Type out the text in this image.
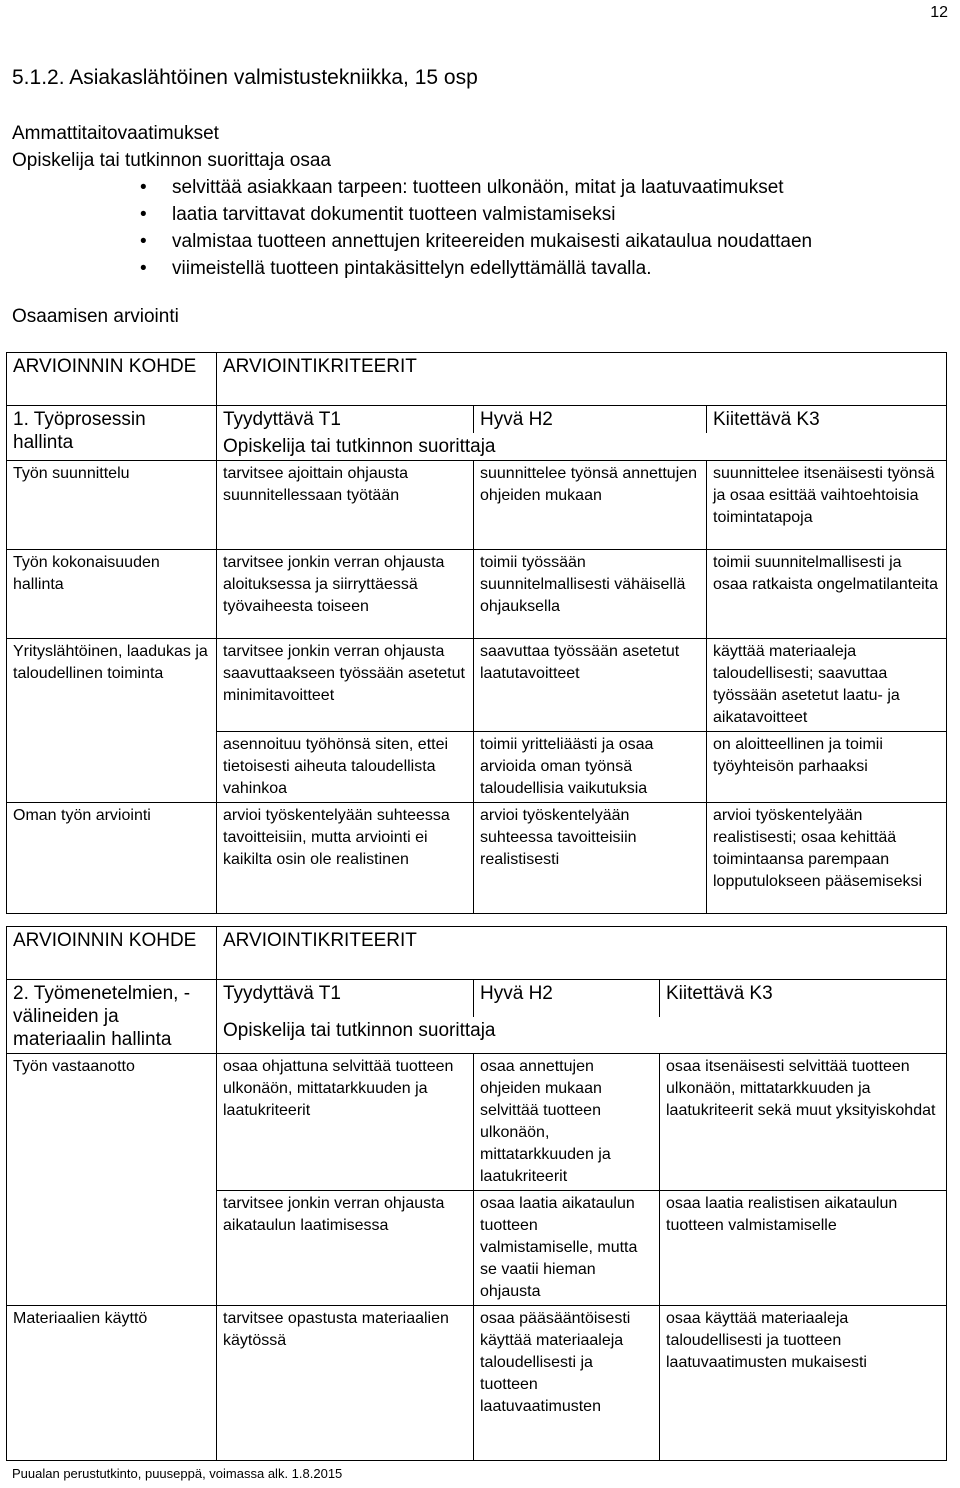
12
5.1.2. Asiakaslähtöinen valmistustekniikka, 15 osp
Ammattitaitovaatimukset
Opiskelija tai tutkinnon suorittaja osaa
• selvittää asiakkaan tarpeen: tuotteen ulkonäön, mitat ja laatuvaatimukset
• laatia tarvittavat dokumentit tuotteen valmistamiseksi
• valmistaa tuotteen annettujen kriteereiden mukaisesti aikataulua noudattaen
• viimeistellä tuotteen pintakäsittelyn edellyttämällä tavalla.
Osaamisen arviointi
ARVIOINNIN KOHDE	ARVIOINTIKRITEERIT		
1. Työprosessin hallinta	Tyydyttävä T1	Hyvä H2	Kiitettävä K3
	Opiskelija tai tutkinnon suorittaja		
Työn suunnittelu	tarvitsee ajoittain ohjausta suunnitellessaan työtään	suunnittelee työnsä annettujen ohjeiden mukaan	suunnittelee itsenäisesti työnsä ja osaa esittää vaihtoehtoisia toimintatapoja
Työn kokonaisuuden hallinta	tarvitsee jonkin verran ohjausta aloituksessa ja siirryttäessä työvaiheesta toiseen	toimii työssään suunnitelmallisesti vähäisellä ohjauksella	toimii suunnitelmallisesti ja osaa ratkaista ongelmatilanteita
Yrityslähtöinen, laadukas ja taloudellinen toiminta	tarvitsee jonkin verran ohjausta saavuttaakseen työssään asetetut minimitavoitteet	saavuttaa työssään asetetut laatutavoitteet	käyttää materiaaleja taloudellisesti; saavuttaa työssään asetetut laatu- ja aikatavoitteet
	asennoituu työhönsä siten, ettei tietoisesti aiheuta taloudellista vahinkoa	toimii yritteliäästi ja osaa arvioida oman työnsä taloudellisia vaikutuksia	on aloitteellinen ja toimii työyhteisön parhaaksi
Oman työn arviointi	arvioi työskentelyään suhteessa tavoitteisiin, mutta arviointi ei kaikilta osin ole realistinen	arvioi työskentelyään suhteessa tavoitteisiin realistisesti	arvioi työskentelyään realistisesti; osaa kehittää toimintaansa parempaan lopputulokseen pääsemiseksi
ARVIOINNIN KOHDE	ARVIOINTIKRITEERIT		
2. Työmenetelmien, -välineiden ja materiaalin hallinta	Tyydyttävä T1	Hyvä H2	Kiitettävä K3
	Opiskelija tai tutkinnon suorittaja		
Työn vastaanotto	osaa ohjattuna selvittää tuotteen ulkonäön, mittatarkkuuden ja laatukriteerit	osaa annettujen ohjeiden mukaan selvittää tuotteen ulkonäön, mittatarkkuuden ja laatukriteerit	osaa itsenäisesti selvittää tuotteen ulkonäön, mittatarkkuuden ja laatukriteerit sekä muut yksityiskohdat
	tarvitsee jonkin verran ohjausta aikataulun laatimisessa	osaa laatia aikataulun tuotteen valmistamiselle, mutta se vaatii hieman ohjausta	osaa laatia realistisen aikataulun tuotteen valmistamiselle
Materiaalien käyttö	tarvitsee opastusta materiaalien käytössä	osaa pääsääntöisesti käyttää materiaaleja taloudellisesti ja tuotteen laatuvaatimusten	osaa käyttää materiaaleja taloudellisesti ja tuotteen laatuvaatimusten mukaisesti
Puualan perustutkinto, puuseppä, voimassa alk. 1.8.2015
